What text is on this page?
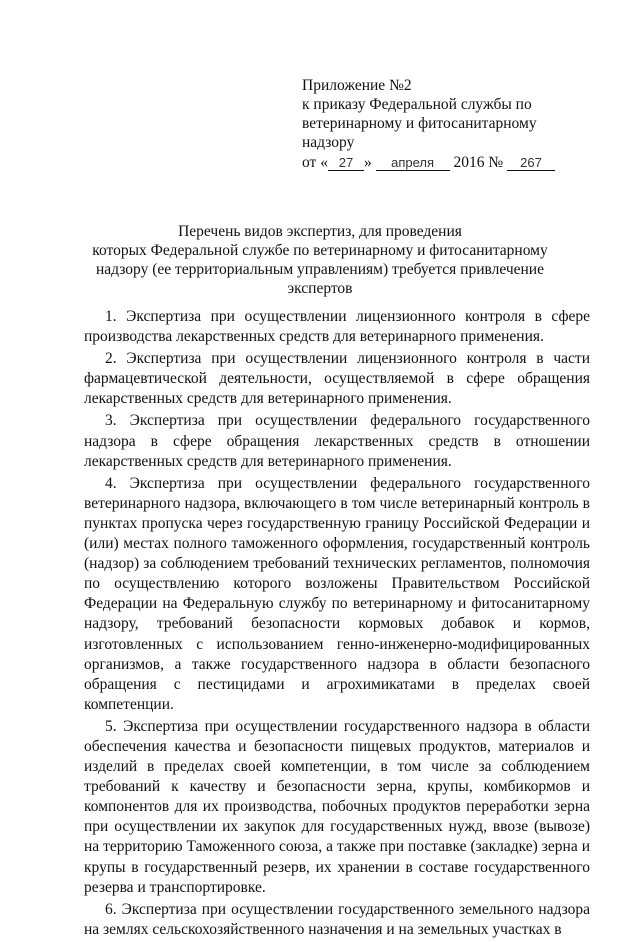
Приложение №2
к приказу Федеральной службы по
ветеринарному и фитосанитарному
надзору
от « 27 » апреля 2016 № 267
Перечень видов экспертиз, для проведения
которых Федеральной службе по ветеринарному и фитосанитарному
надзору (ее территориальным управлениям) требуется привлечение
экспертов

1. Экспертиза при осуществлении лицензионного контроля в сфере производства лекарственных средств для ветеринарного применения.

2. Экспертиза при осуществлении лицензионного контроля в части фармацевтической деятельности, осуществляемой в сфере обращения лекарственных средств для ветеринарного применения.

3. Экспертиза при осуществлении федерального государственного надзора в сфере обращения лекарственных средств в отношении лекарственных средств для ветеринарного применения.

4. Экспертиза при осуществлении федерального государственного ветеринарного надзора, включающего в том числе ветеринарный контроль в пунктах пропуска через государственную границу Российской Федерации и (или) местах полного таможенного оформления, государственный контроль (надзор) за соблюдением требований технических регламентов, полномочия по осуществлению которого возложены Правительством Российской Федерации на Федеральную службу по ветеринарному и фитосанитарному надзору, требований безопасности кормовых добавок и кормов, изготовленных с использованием генно-инженерно-модифицированных организмов, а также государственного надзора в области безопасного обращения с пестицидами и агрохимикатами в пределах своей компетенции.

5. Экспертиза при осуществлении государственного надзора в области обеспечения качества и безопасности пищевых продуктов, материалов и изделий в пределах своей компетенции, в том числе за соблюдением требований к качеству и безопасности зерна, крупы, комбикормов и компонентов для их производства, побочных продуктов переработки зерна при осуществлении их закупок для государственных нужд, ввозе (вывозе) на территорию Таможенного союза, а также при поставке (закладке) зерна и крупы в государственный резерв, их хранении в составе государственного резерва и транспортировке.

6. Экспертиза при осуществлении государственного земельного надзора на землях сельскохозяйственного назначения и на земельных участках в
